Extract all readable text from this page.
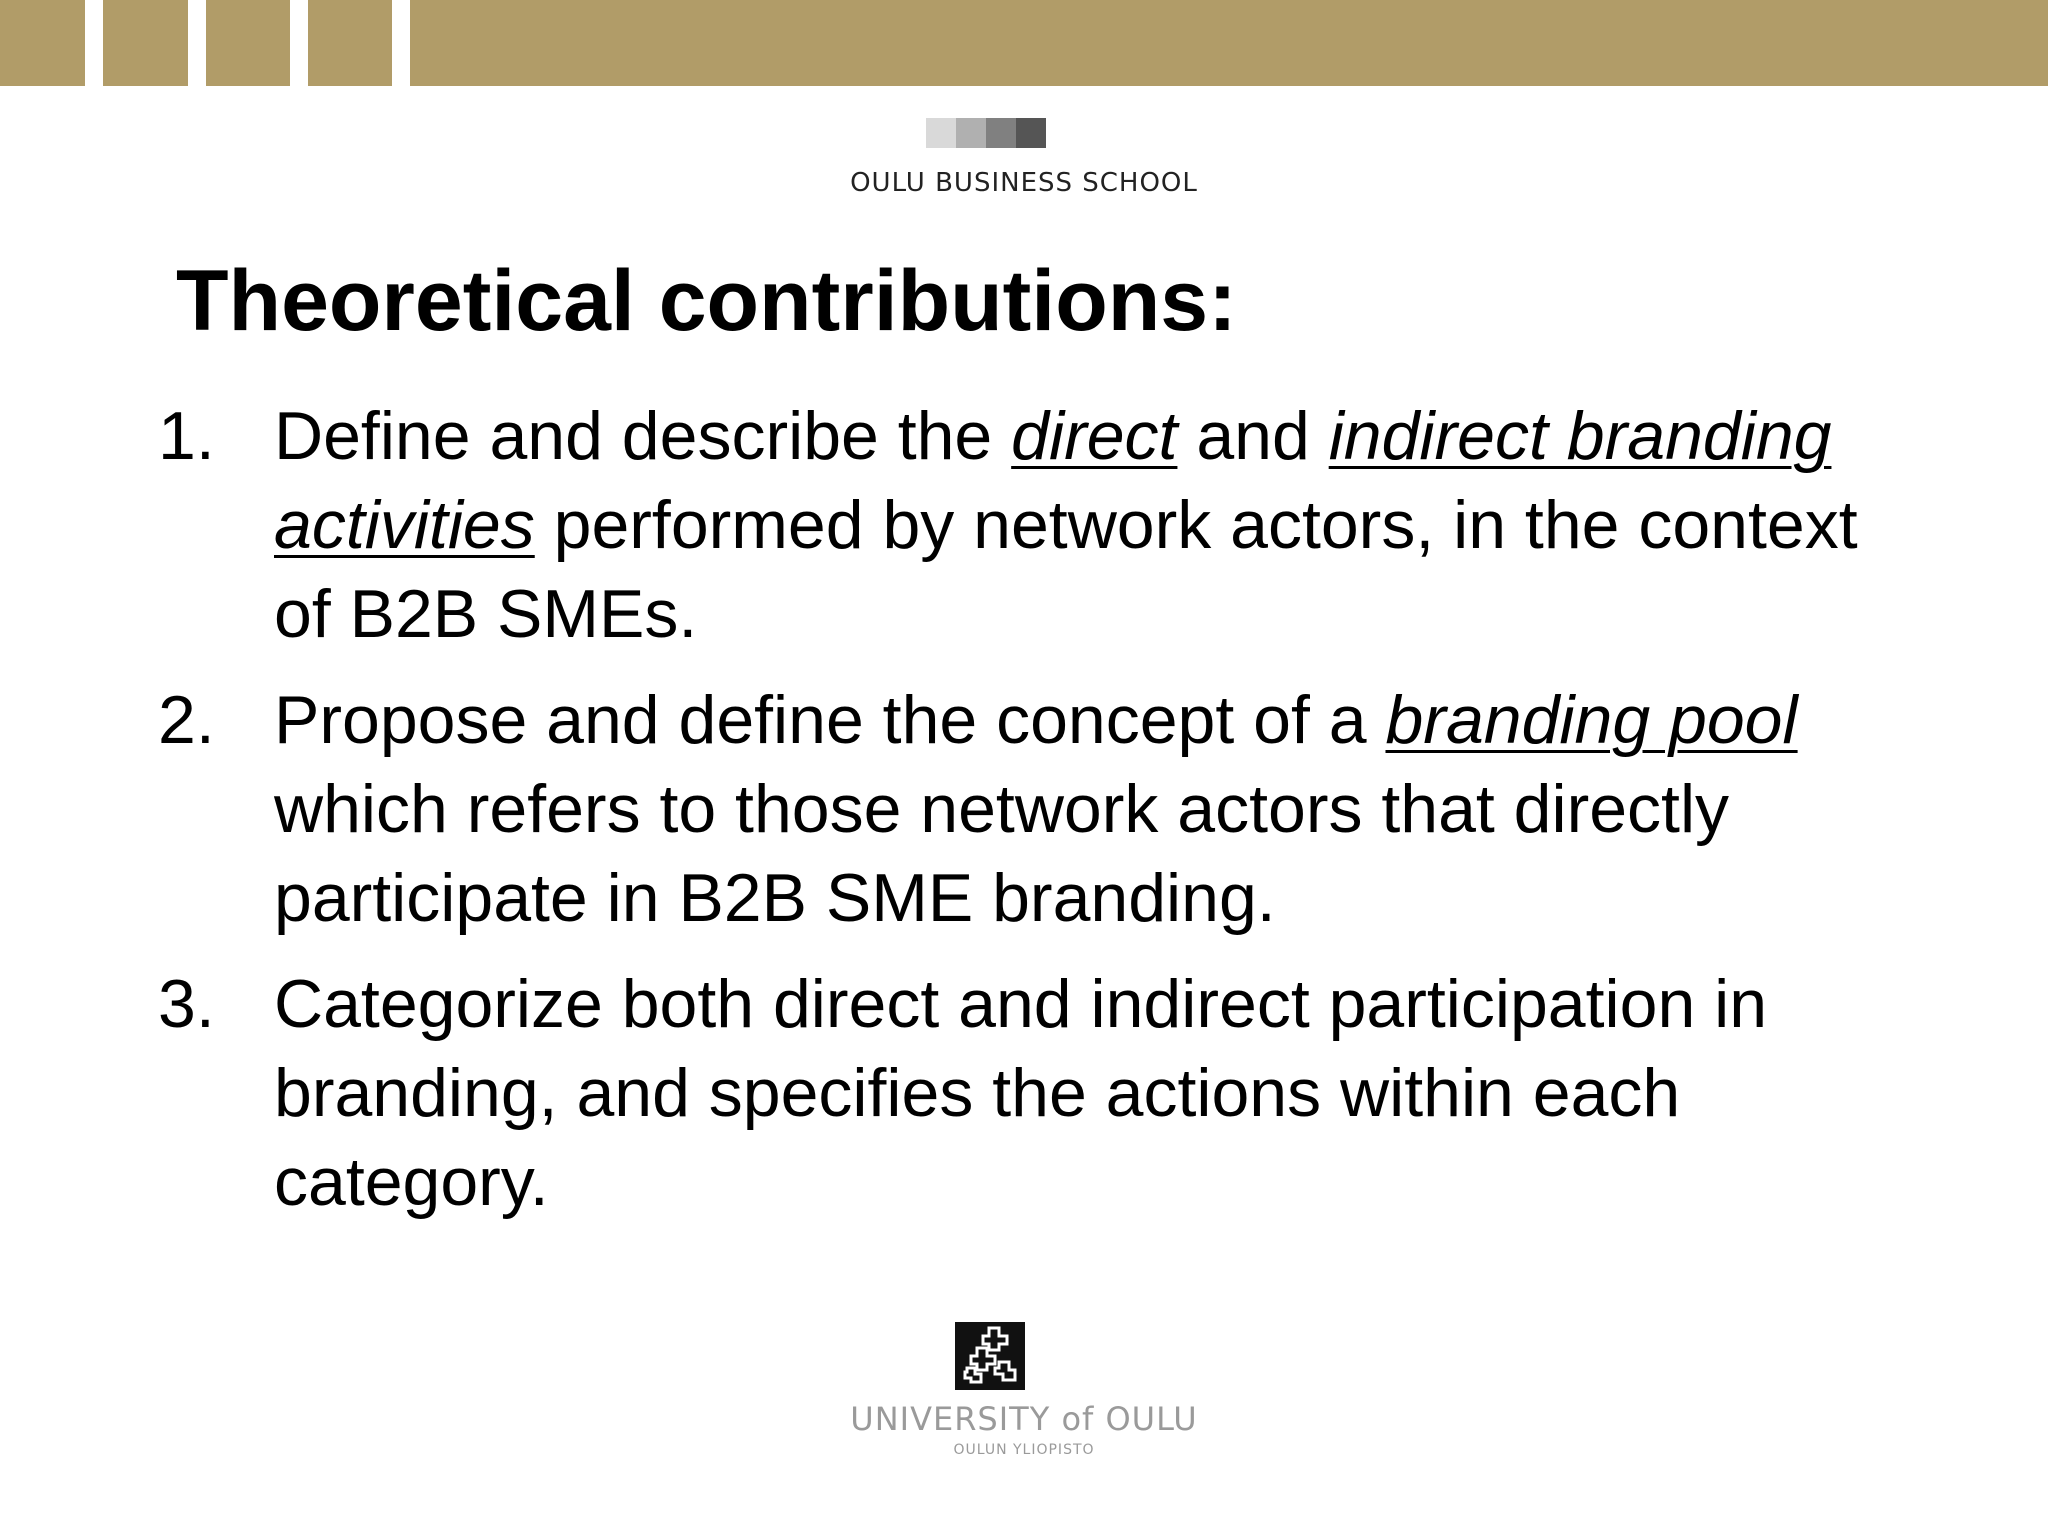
OULU BUSINESS SCHOOL
Theoretical contributions:
1. Define and describe the direct and indirect branding activities performed by network actors, in the context of B2B SMEs.
2. Propose and define the concept of a branding pool which refers to those network actors that directly participate in B2B SME branding.
3. Categorize both direct and indirect participation in branding, and specifies the actions within each category.
UNIVERSITY of OULU
OULUN YLIOPISTO
